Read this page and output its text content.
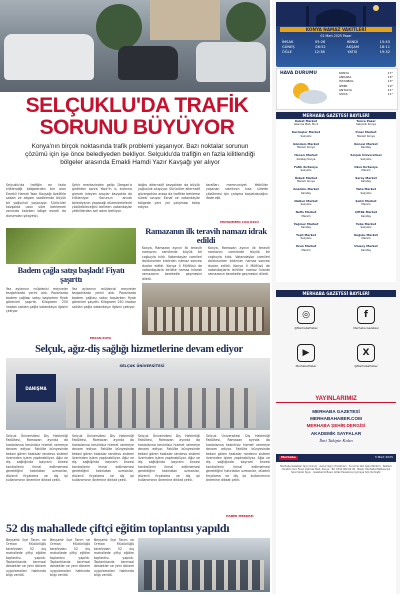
SELÇUKLU'DA TRAFİK SORUNU BÜYÜYOR
Konya'nın birçok noktasında trafik problemi yaşanıyor. Bazı noktalar sorunun çözümü için işe önce belediyeden bekliyor. Selçuklu'da trafiğin en fazla kilitlendiği bölgeler arasında Emakli Hamdi Yazır Kavşağı yer alıyor
Selçuklu'da trafiğin en fazla kilitlendiği bölgelerden biri olan Emekli Hamdi Yazır Kavşağı özellikle sabah ve akşam saatlerinde büyük bir yoğunluk yaşanıyor. Sürücüler kavşakta uzun süre beklemek zorunda kalırken bölge esnafı da durumdan şikayetçi.
Şehir merkezinden gelip Dergan'a girdikten sonra Yazır'ın iç kısmına girmek isteyen araçlar kavşakta da kilitleniyor. Sorunun ancak belediyenin yapacağı düzenlemelerle çözülebileceğini belirten vatandaşlar yetkililerden acil adım bekliyor.
doğru alternatif kavşaktan da büyük yoğunluk oluşuyor. Sürücüler alternatif güzergahlar arasa da trafikte bekleme süresi uzuyor. Esnaf ve vatandaşlar bölgede yeni yol çalışması talep ediyor.
tarafları memnuniyet Yetkililer yaşanan sıkıntının kısa sürede çözülmesi için çalışma başlatılacağını ifade etti.
MUHAMMED CAN ÖZLÜ
Ramazanın ilk teravih namazı idrak edildi
Konya, Ramazan ayının ilk teravih namazını camilerde büyük bir coşkuyla kıldı. Vatandaşlar camileri doldururken kıldırılan namaz sonrası dualar edildi. Konya İl Müftüsü de vatandaşlarla birlikte namaz kılarak ramazanın bereketle geçmesini diledi.
Konya, Ramazan ayının ilk teravih namazını camilerde büyük bir coşkuyla kıldı. Vatandaşlar camileri doldururken kıldırılan namaz sonrası dualar edildi. Konya İl Müftüsü de vatandaşlarla birlikte namaz kılarak ramazanın bereketle geçmesini diledi.
Badem çağla satışı başladı! Fiyatı şaşırttı
Yaz aylarının müjdecisi meyveler tezgahlarda yerini aldı. Pazarlarda badem çağlası satışı başlarken fiyatı görenleri şaşırttı. Kilogramı 250 liradan satılan çağla vatandaşın ilgisini çekiyor.
Yaz aylarının müjdecisi meyveler tezgahlarda yerini aldı. Pazarlarda badem çağlası satışı başlarken fiyatı görenleri şaşırttı. Kilogramı 250 liradan satılan çağla vatandaşın ilgisini çekiyor.
ERKAN KAYA
Selçuk, ağız-diş sağlığı hizmetlerine devam ediyor
DANIŞMA
SELÇUK ÜNİVERSİTESİ
Selçuk Üniversitesi Diş Hekimliği Fakültesi, Ramazan ayında da hastalarına kesintisiz hizmet vermeye devam ediyor. Fakülte bünyesinde tedavi gören hastalar randevu sistemi üzerinden işlem yaptırabiliyor. Ağız ve diş sağlığında bayram öncesi kontrollerin ihmal edilmemesi gerektiğini hatırlatan uzmanlar, düzenli fırçalama ve diş ipi kullanımının önemine dikkat çekti.
Selçuk Üniversitesi Diş Hekimliği Fakültesi, Ramazan ayında da hastalarına kesintisiz hizmet vermeye devam ediyor. Fakülte bünyesinde tedavi gören hastalar randevu sistemi üzerinden işlem yaptırabiliyor. Ağız ve diş sağlığında bayram öncesi kontrollerin ihmal edilmemesi gerektiğini hatırlatan uzmanlar, düzenli fırçalama ve diş ipi kullanımının önemine dikkat çekti.
Selçuk Üniversitesi Diş Hekimliği Fakültesi, Ramazan ayında da hastalarına kesintisiz hizmet vermeye devam ediyor. Fakülte bünyesinde tedavi gören hastalar randevu sistemi üzerinden işlem yaptırabiliyor. Ağız ve diş sağlığında bayram öncesi kontrollerin ihmal edilmemesi gerektiğini hatırlatan uzmanlar, düzenli fırçalama ve diş ipi kullanımının önemine dikkat çekti.
Selçuk Üniversitesi Diş Hekimliği Fakültesi, Ramazan ayında da hastalarına kesintisiz hizmet vermeye devam ediyor. Fakülte bünyesinde tedavi gören hastalar randevu sistemi üzerinden işlem yaptırabiliyor. Ağız ve diş sağlığında bayram öncesi kontrollerin ihmal edilmemesi gerektiğini hatırlatan uzmanlar, düzenli fırçalama ve diş ipi kullanımının önemine dikkat çekti.
HABER MERKEZİ
52 dış mahallede çiftçi eğitim toplantısı yapıldı
Beyşehir İlçe Tarım ve Orman Müdürlüğü tarafından 52 dış mahallede çiftçi eğitim toplantısı yapıldı. Toplantılarda tarımsal destekler ve yeni dönem uygulamaları hakkında bilgi verildi.
Beyşehir İlçe Tarım ve Orman Müdürlüğü tarafından 52 dış mahallede çiftçi eğitim toplantısı yapıldı. Toplantılarda tarımsal destekler ve yeni dönem uygulamaları hakkında bilgi verildi.
Beyşehir İlçe Tarım ve Orman Müdürlüğü tarafından 52 dış mahallede çiftçi eğitim toplantısı yapıldı. Toplantılarda tarımsal destekler ve yeni dönem uygulamaları hakkında bilgi verildi.
KONYA NAMAZ VAKİTLERİ
02 Mart 2025 Pazar
İMSAK	05:26	İKİNDİ	15:43
GÜNEŞ	06:52	AKŞAM	18:11
ÖĞLE	12:38	YATSI	19:32
HAVA DURUMU	KONYA	17°
ANKARA	15°
İSTANBUL	13°
İZMİR	19°
ANTALYA	21°
SİVAS	11°
MERHABA GAZETESİ BAYİLERİ
Kubat Market
Aksinne Mah. No:2
Kardeşler Market
Selçuklu
Gündem Market
Meram Konya
Hocacı Market
Karatay Konya
Fatih Kırtasiye
Selçuklu
Özbek Market
Meram Konya
Anadolu Market
Karatay
Nalbur Market
Selçuklu
Nefis Market
Meram
Yağmur Market
Karatay
Yeşil Market
Selçuklu
Uzun Market
Meram
Tunca Pazar
Selçuklu Konya
Pınar Market
Meram Konya
Konevi Market
Karatay
Selçuk Üniversitesi
Selçuklu
Okur Kırtasiye
Meram
Saray Market
Karatay
Taha Market
Selçuklu
Şehir Market
Meram
Çiftlik Market
Karatay
Tuba Market
Selçuklu
Kuğulu Market
Meram
Ulusoy Market
Karatay
MERHABA GAZETESİ BAYİLERİ
◎
@MerhabaHaber
f
Merhaba Gazetesi
▶
MerhabaHaber
X
@MerhabaHaber
YAYINLARIMIZ
MERHABA GAZETESİ
MERHABAHABER.COM
MERHABA ŞEHİR DERGİSİ
AKADEMİK SAYFALAR
İlmi Takipte Kalın
Merhaba	3 Mart 2025
Merhaba Gazetesi Yayın Kurulu · Genel Yayın Yönetmeni · Sorumlu Yazı İşleri Müdürü · Reklam · Yönetim Yeri: Fevzi Çakmak Mah. Konya · Tel: 0332 000 00 00 · Baskı: Merhaba Matbaacılık · Yerel Süreli Yayın · Gazetemiz Basın Ahlak Esaslarına Uymaya Söz Vermiştir.
